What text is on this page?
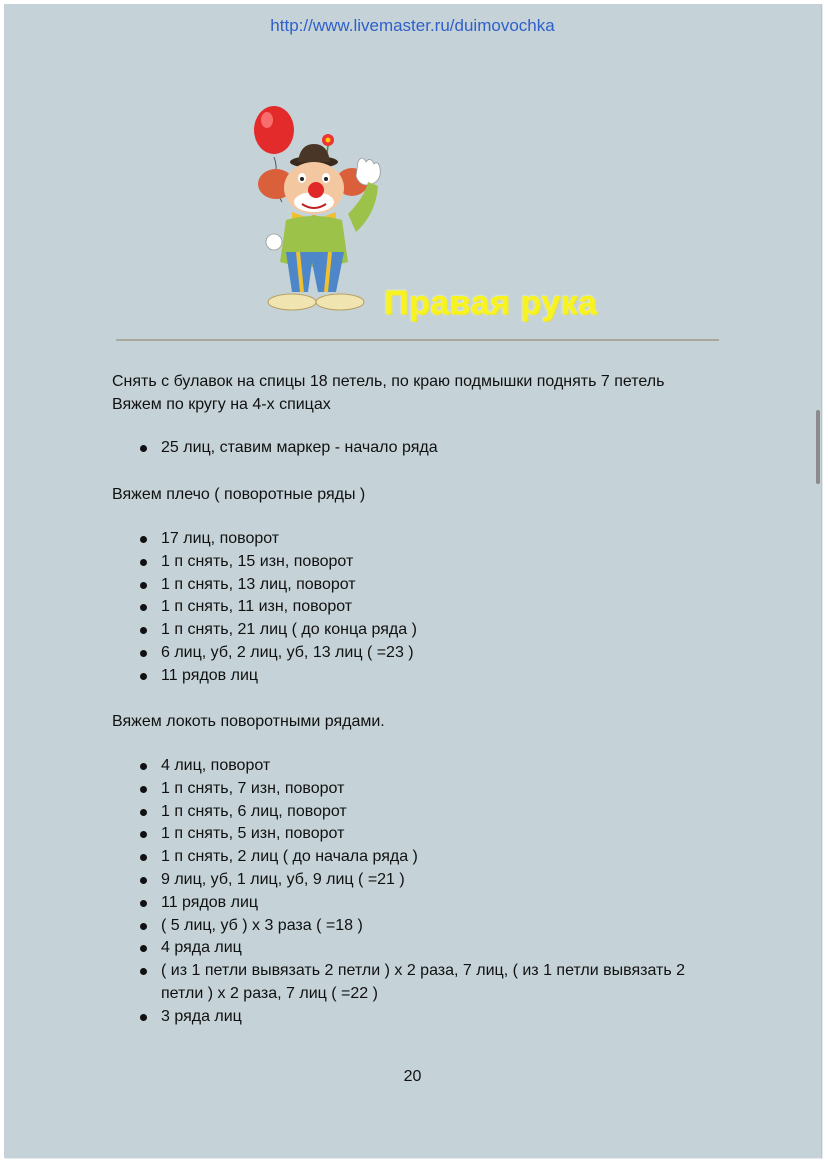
http://www.livemaster.ru/duimovochka
Правая рука

Снять с булавок на спицы 18 петель, по краю подмышки поднять 7 петель
Вяжем по кругу на 4-х спицах

25 лиц, ставим маркер - начало ряда

Вяжем плечо ( поворотные ряды )

17 лиц, поворот
1 п снять, 15 изн, поворот
1 п снять, 13 лиц, поворот
1 п снять, 11 изн, поворот
1 п снять, 21 лиц ( до конца ряда )
6 лиц, уб, 2 лиц, уб, 13 лиц ( =23 )
11 рядов лиц

Вяжем локоть поворотными рядами.

4 лиц, поворот
1 п снять, 7 изн, поворот
1 п снять, 6 лиц, поворот
1 п снять, 5 изн, поворот
1 п снять, 2 лиц ( до начала ряда )
9 лиц, уб, 1 лиц, уб, 9 лиц ( =21 )
11 рядов лиц
( 5 лиц, уб ) х 3 раза ( =18 )
4 ряда лиц
( из 1 петли вывязать 2 петли ) х 2 раза, 7 лиц, ( из 1 петли вывязать 2 петли ) х 2 раза, 7 лиц ( =22 )
3 ряда лиц
20
